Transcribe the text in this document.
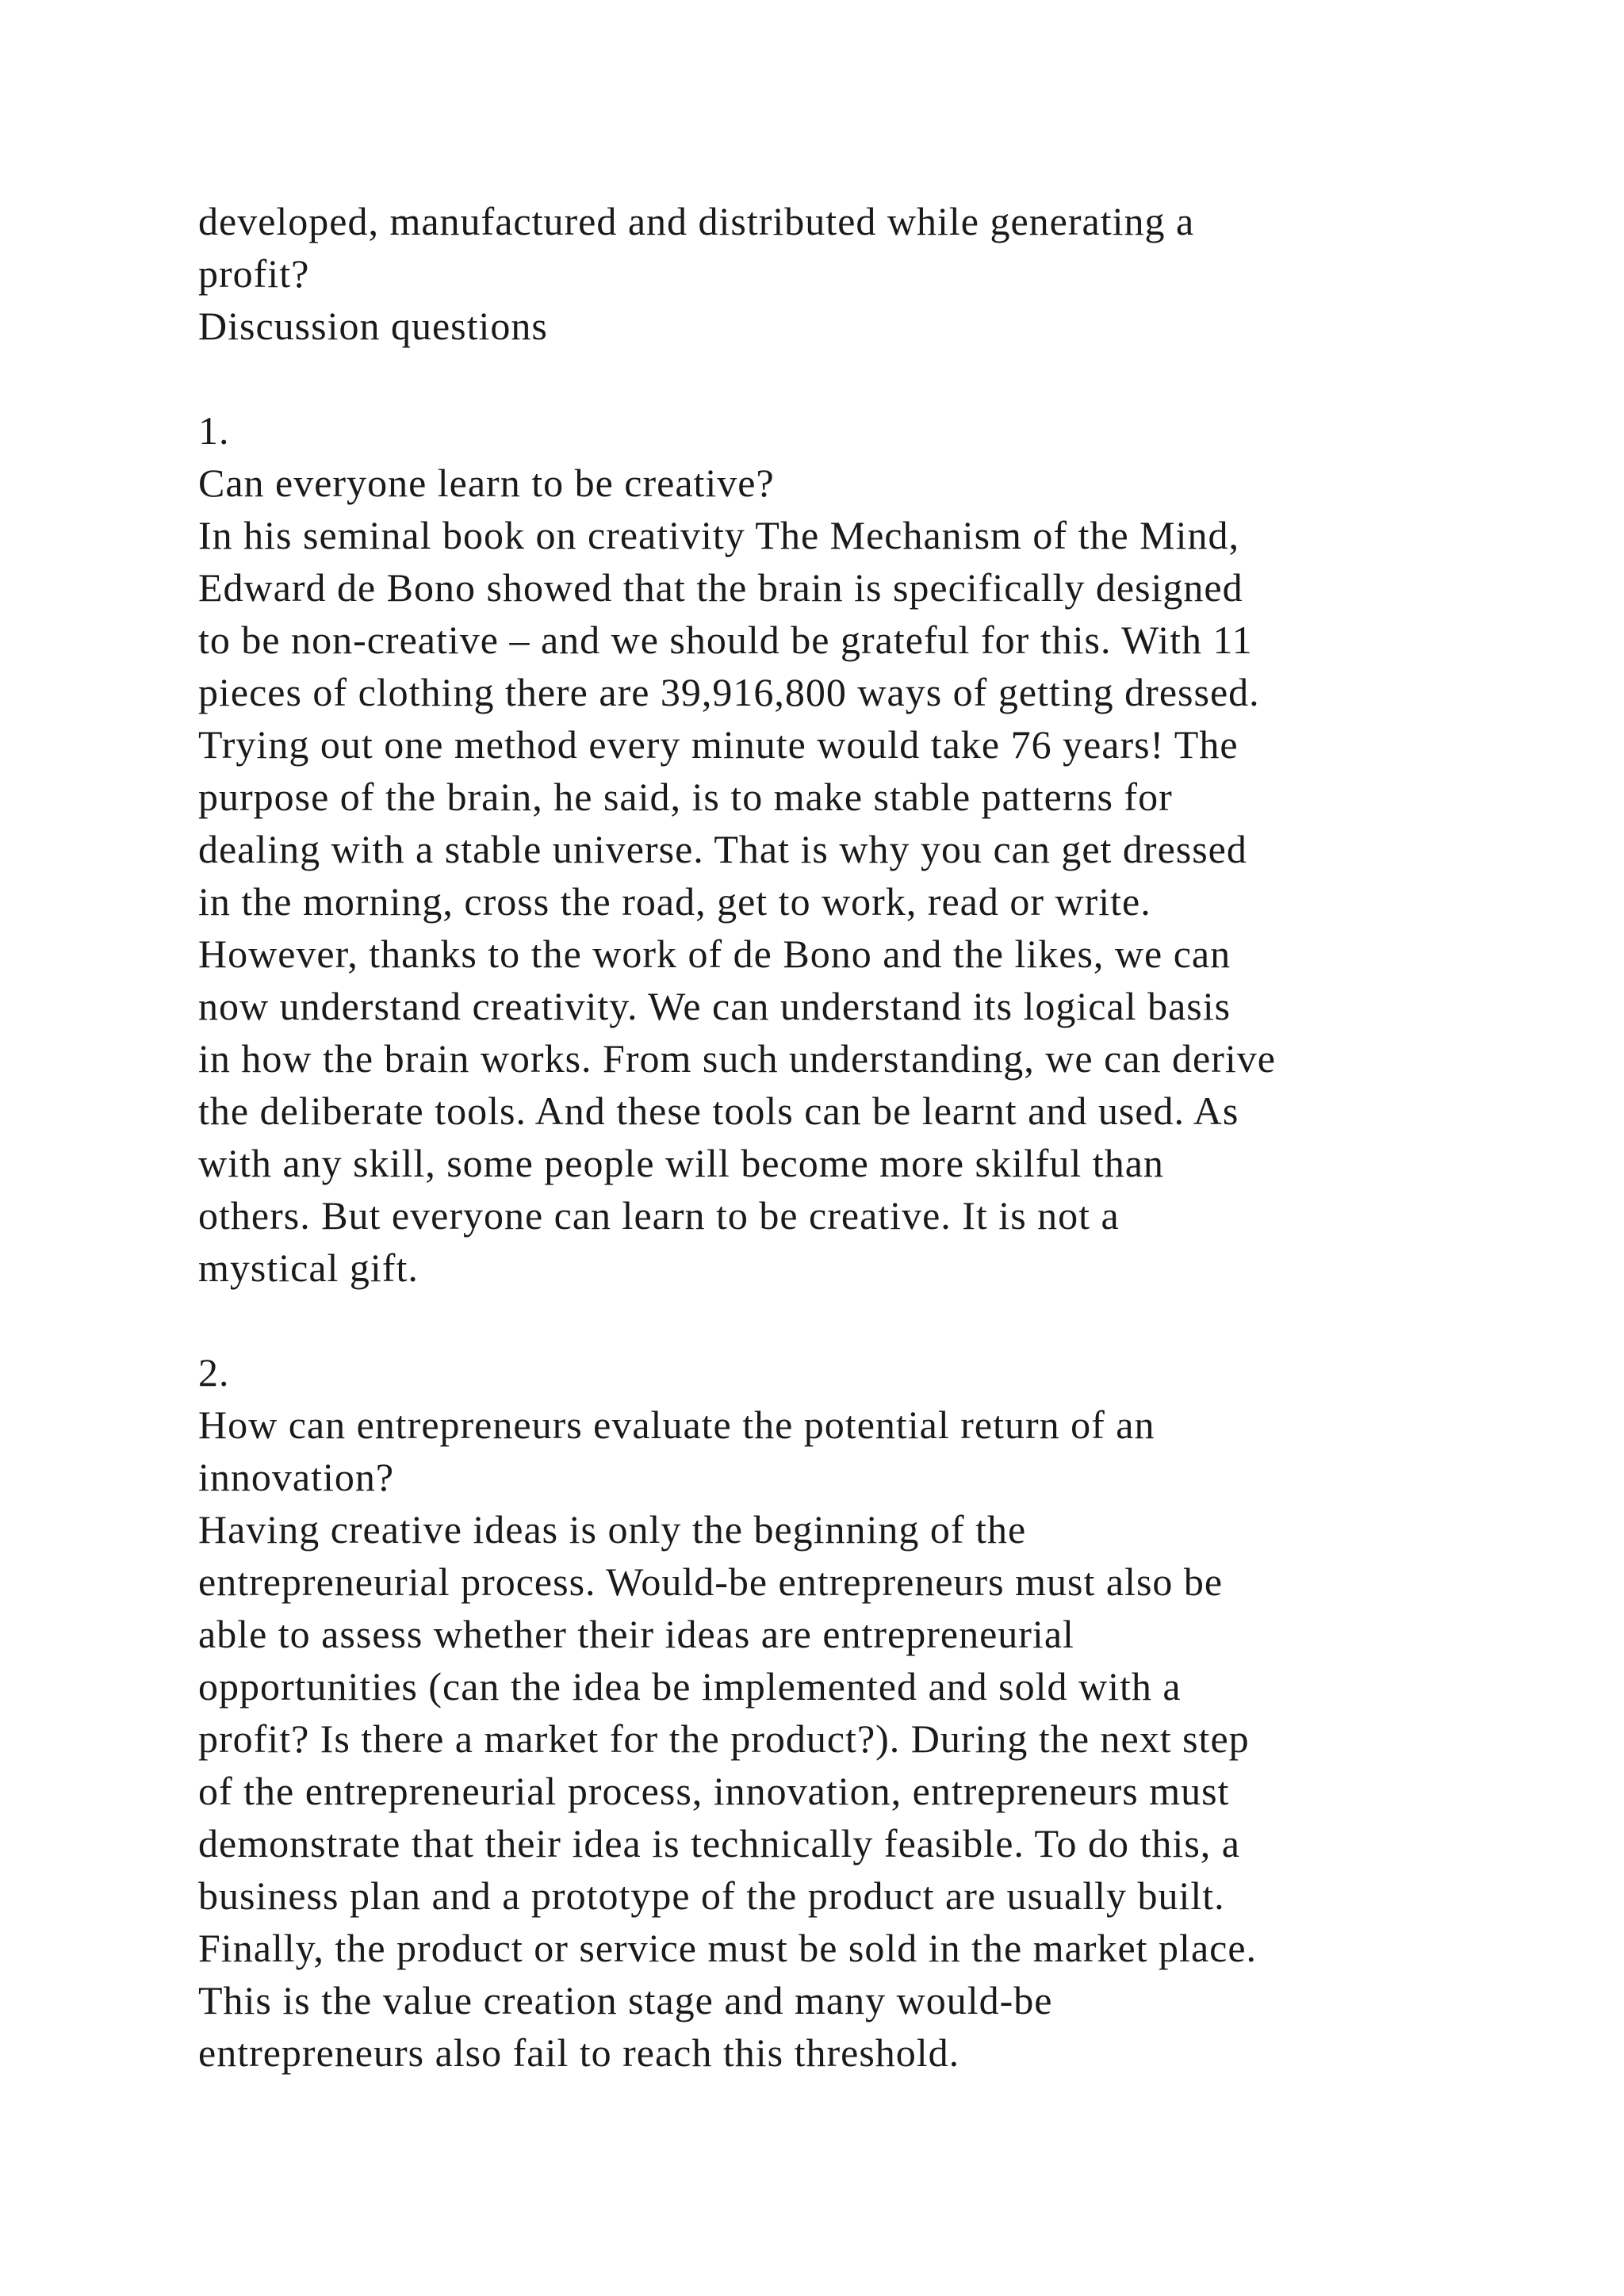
developed, manufactured and distributed while generating a
profit?
Discussion questions
1.
Can everyone learn to be creative?
In his seminal book on creativity The Mechanism of the Mind,
Edward de Bono showed that the brain is specifically designed
to be non-creative – and we should be grateful for this. With 11
pieces of clothing there are 39,916,800 ways of getting dressed.
Trying out one method every minute would take 76 years! The
purpose of the brain, he said, is to make stable patterns for
dealing with a stable universe. That is why you can get dressed
in the morning, cross the road, get to work, read or write.
However, thanks to the work of de Bono and the likes, we can
now understand creativity. We can understand its logical basis
in how the brain works. From such understanding, we can derive
the deliberate tools. And these tools can be learnt and used. As
with any skill, some people will become more skilful than
others. But everyone can learn to be creative. It is not a
mystical gift.
2.
How can entrepreneurs evaluate the potential return of an
innovation?
Having creative ideas is only the beginning of the
entrepreneurial process. Would-be entrepreneurs must also be
able to assess whether their ideas are entrepreneurial
opportunities (can the idea be implemented and sold with a
profit? Is there a market for the product?). During the next step
of the entrepreneurial process, innovation, entrepreneurs must
demonstrate that their idea is technically feasible. To do this, a
business plan and a prototype of the product are usually built.
Finally, the product or service must be sold in the market place.
This is the value creation stage and many would-be
entrepreneurs also fail to reach this threshold.
